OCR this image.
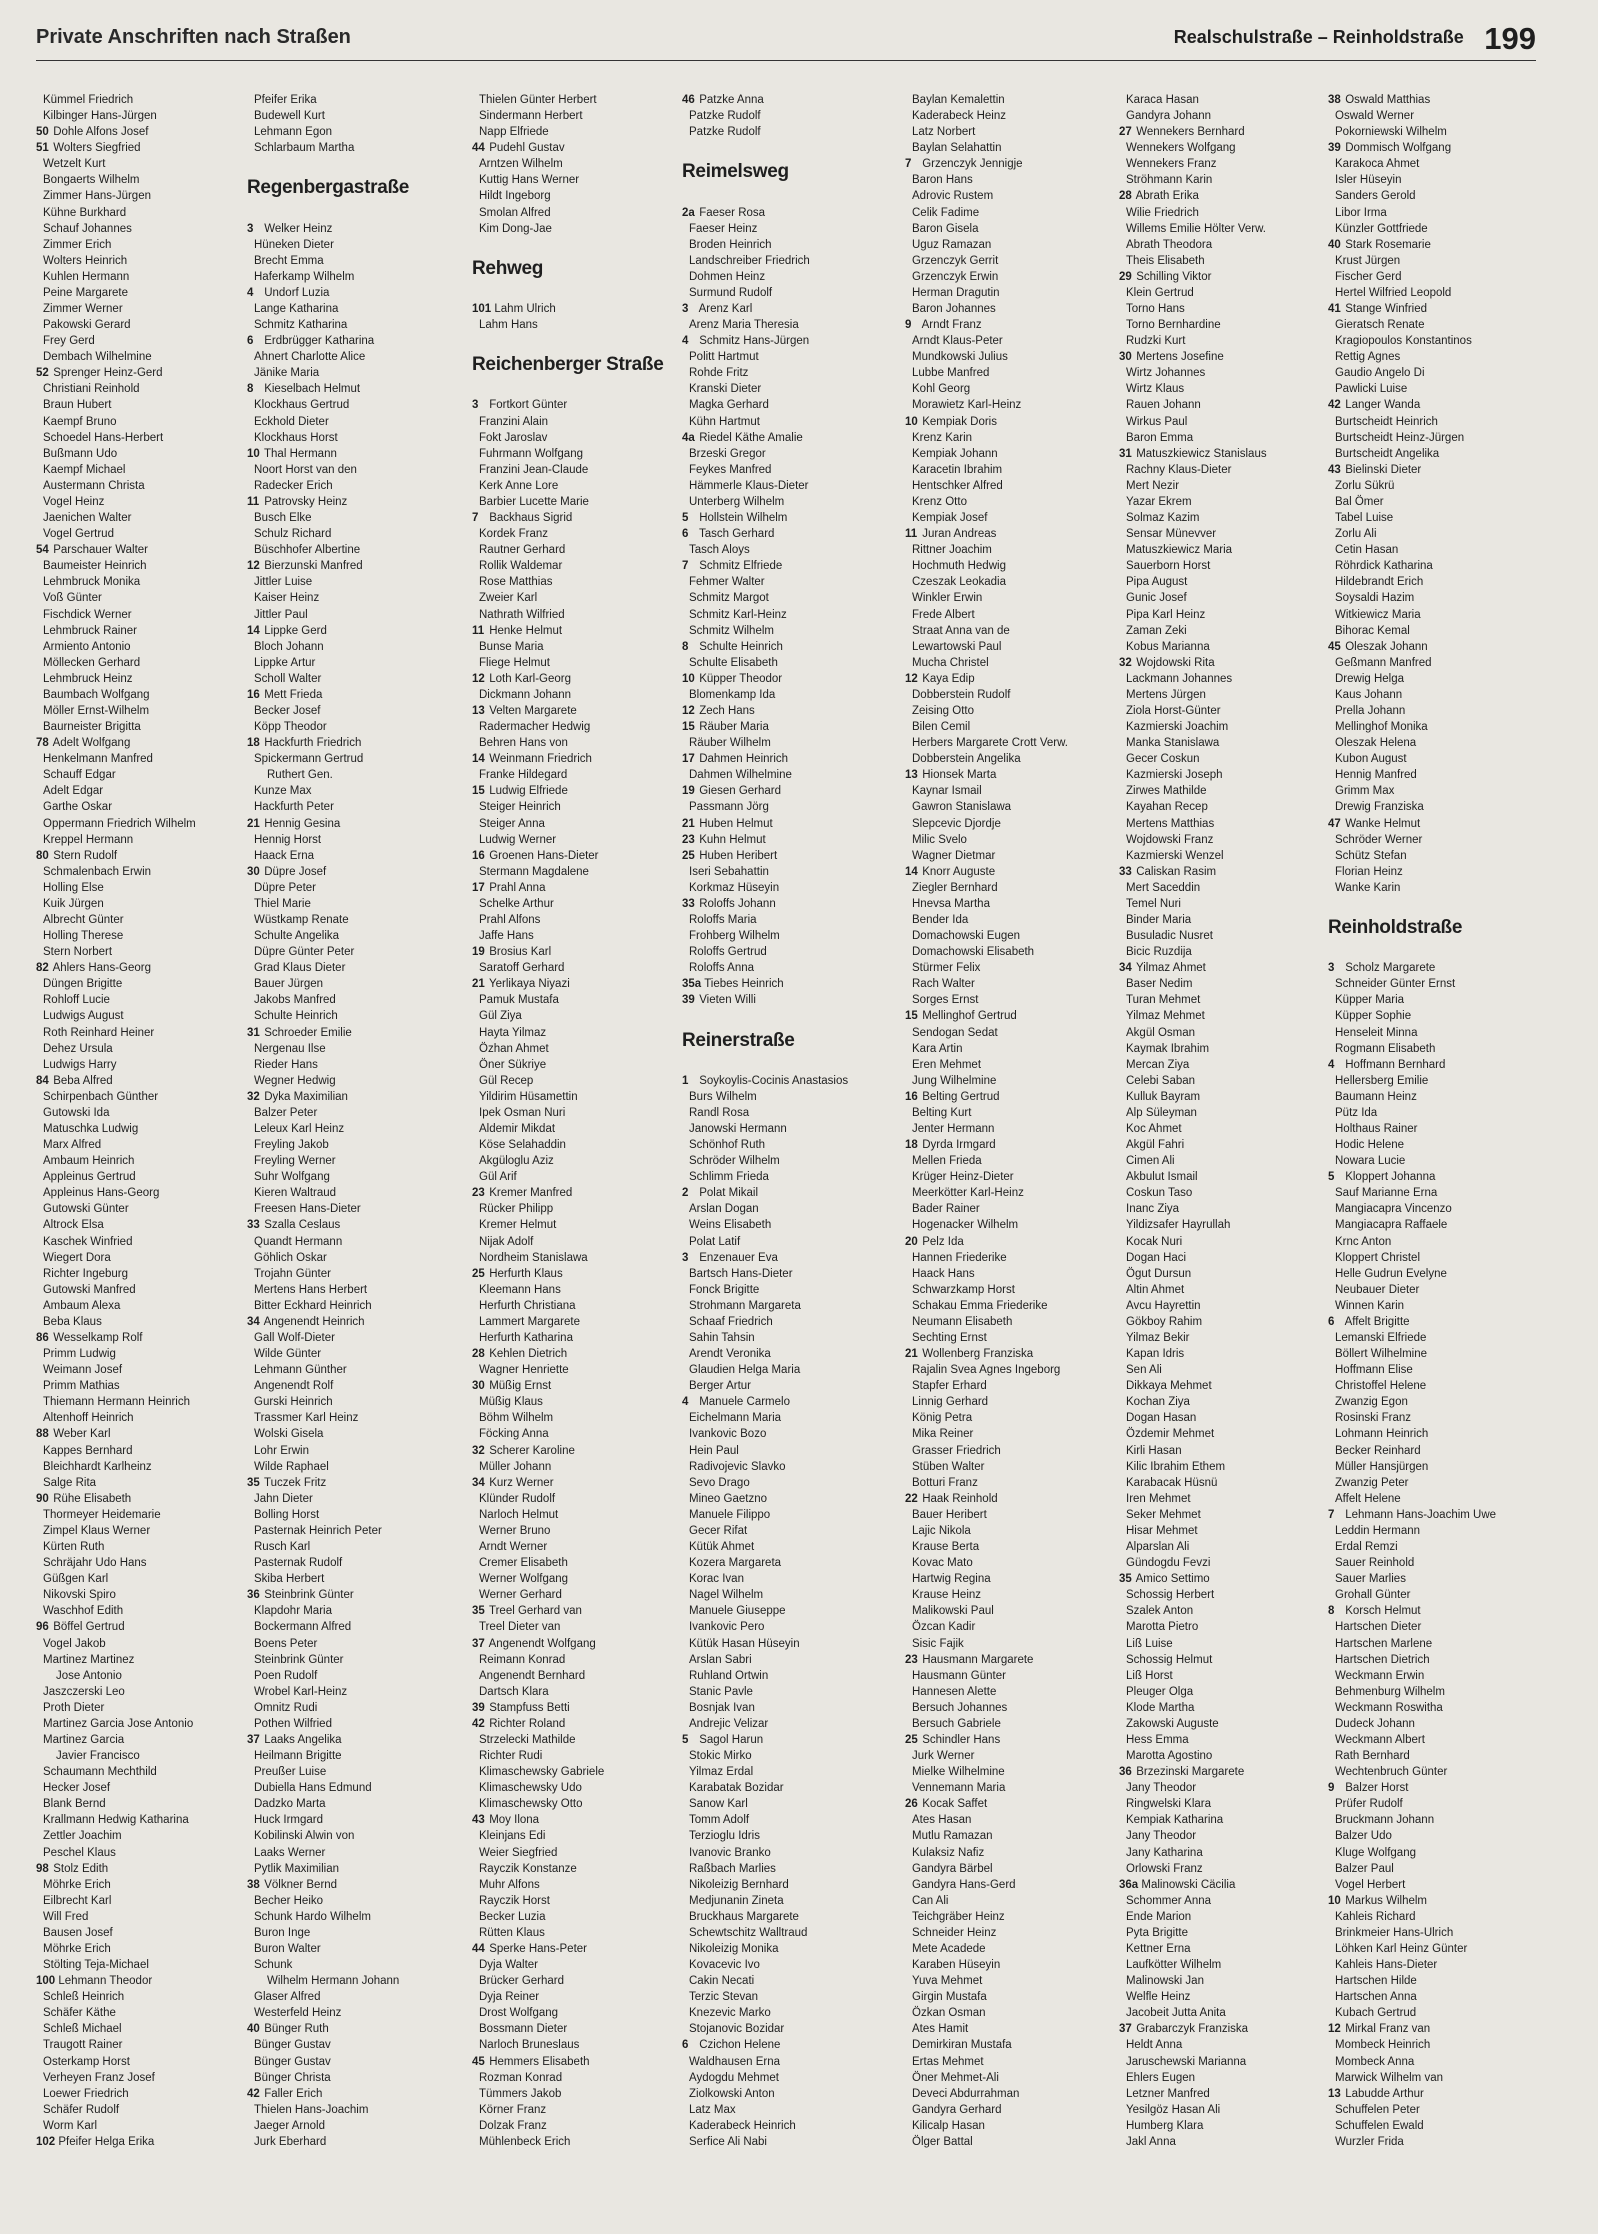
Private Anschriften nach Straßen	Realschulstraße – Reinholdstraße 199
Kümmel Friedrich
Kilbinger Hans-Jürgen
50 Dohle Alfons Josef
51 Wolters Siegfried
Wetzelt Kurt
Bongaerts Wilhelm
Zimmer Hans-Jürgen
Kühne Burkhard
Schauf Johannes
Zimmer Erich
Wolters Heinrich
Kuhlen Hermann
Peine Margarete
Zimmer Werner
Pakowski Gerard
Frey Gerd
Dembach Wilhelmine
52 Sprenger Heinz-Gerd
Christiani Reinhold
Braun Hubert
Kaempf Bruno
Schoedel Hans-Herbert
Bußmann Udo
Kaempf Michael
Austermann Christa
Vogel Heinz
Jaenichen Walter
Vogel Gertrud
54 Parschauer Walter
Baumeister Heinrich
Lehmbruck Monika
Voß Günter
Fischdick Werner
Lehmbruck Rainer
Armiento Antonio
Möllecken Gerhard
Lehmbruck Heinz
Baumbach Wolfgang
Möller Ernst-Wilhelm
Baurneister Brigitta
78 Adelt Wolfgang
Henkelmann Manfred
Schauff Edgar
Adelt Edgar
Garthe Oskar
Oppermann Friedrich Wilhelm
Kreppel Hermann
80 Stern Rudolf
Schmalenbach Erwin
Holling Else
Kuik Jürgen
Albrecht Günter
Holling Therese
Stern Norbert
82 Ahlers Hans-Georg
Düngen Brigitte
Rohloff Lucie
Ludwigs August
Roth Reinhard Heiner
Dehez Ursula
Ludwigs Harry
84 Beba Alfred
Schirpenbach Günther
Gutowski Ida
Matuschka Ludwig
Marx Alfred
Ambaum Heinrich
Appleinus Gertrud
Appleinus Hans-Georg
Gutowski Günter
Altrock Elsa
Kaschek Winfried
Wiegert Dora
Richter Ingeburg
Gutowski Manfred
Ambaum Alexa
Beba Klaus
86 Wesselkamp Rolf
Primm Ludwig
Weimann Josef
Primm Mathias
Thiemann Hermann Heinrich
Altenhoff Heinrich
88 Weber Karl
Kappes Bernhard
Bleichhardt Karlheinz
Salge Rita
90 Rühe Elisabeth
Thormeyer Heidemarie
Zimpel Klaus Werner
Kürten Ruth
Schräjahr Udo Hans
Güßgen Karl
Nikovski Spiro
Waschhof Edith
96 Böffel Gertrud
Vogel Jakob
Martinez Martinez
Jose Antonio
Jaszczerski Leo
Proth Dieter
Martinez Garcia Jose Antonio
Martinez Garcia
Javier Francisco
Schaumann Mechthild
Hecker Josef
Blank Bernd
Krallmann Hedwig Katharina
Zettler Joachim
Peschel Klaus
98 Stolz Edith
Möhrke Erich
Eilbrecht Karl
Will Fred
Bausen Josef
Möhrke Erich
Stölting Teja-Michael
100 Lehmann Theodor
Schleß Heinrich
Schäfer Käthe
Schleß Michael
Traugott Rainer
Osterkamp Horst
Verheyen Franz Josef
Loewer Friedrich
Schäfer Rudolf
Worm Karl
102 Pfeifer Helga Erika
Pfeifer Erika
Budewell Kurt
Lehmann Egon
Schlarbaum Martha
Regenbergastraße
3 Welker Heinz
Hüneken Dieter
Brecht Emma
Haferkamp Wilhelm
4 Undorf Luzia
Lange Katharina
Schmitz Katharina
6 Erdbrügger Katharina
Ahnert Charlotte Alice
Jänike Maria
8 Kieselbach Helmut
Klockhaus Gertrud
Eckhold Dieter
Klockhaus Horst
10 Thal Hermann
Noort Horst van den
Radecker Erich
11 Patrovsky Heinz
Busch Elke
Schulz Richard
Büschhofer Albertine
12 Bierzunski Manfred
Jittler Luise
Kaiser Heinz
Jittler Paul
14 Lippke Gerd
Bloch Johann
Lippke Artur
Scholl Walter
16 Mett Frieda
Becker Josef
Köpp Theodor
18 Hackfurth Friedrich
Spickermann Gertrud
Ruthert Gen.
Kunze Max
Hackfurth Peter
21 Hennig Gesina
Hennig Horst
Haack Erna
30 Düpre Josef
Düpre Peter
Thiel Marie
Wüstkamp Renate
Schulte Angelika
Düpre Günter Peter
Grad Klaus Dieter
Bauer Jürgen
Jakobs Manfred
Schulte Heinrich
31 Schroeder Emilie
Nergenau Ilse
Rieder Hans
Wegner Hedwig
32 Dyka Maximilian
Balzer Peter
Leleux Karl Heinz
Freyling Jakob
Freyling Werner
Suhr Wolfgang
Kieren Waltraud
Freesen Hans-Dieter
33 Szalla Ceslaus
Quandt Hermann
Göhlich Oskar
Trojahn Günter
Mertens Hans Herbert
Bitter Eckhard Heinrich
34 Angenendt Heinrich
Gall Wolf-Dieter
Wilde Günter
Lehmann Günther
Angenendt Rolf
Gurski Heinrich
Trassmer Karl Heinz
Wolski Gisela
Lohr Erwin
Wilde Raphael
35 Tuczek Fritz
Jahn Dieter
Bolling Horst
Pasternak Heinrich Peter
Rusch Karl
Pasternak Rudolf
Skiba Herbert
36 Steinbrink Günter
Klapdohr Maria
Bockermann Alfred
Boens Peter
Steinbrink Günter
Poen Rudolf
Wrobel Karl-Heinz
Omnitz Rudi
Pothen Wilfried
37 Laaks Angelika
Heilmann Brigitte
Preußer Luise
Dubiella Hans Edmund
Dadzko Marta
Huck Irmgard
Kobilinski Alwin von
Laaks Werner
Pytlik Maximilian
38 Völkner Bernd
Becher Heiko
Schunk Hardo Wilhelm
Buron Inge
Buron Walter
Schunk
Wilhelm Hermann Johann
Glaser Alfred
Westerfeld Heinz
40 Bünger Ruth
Bünger Gustav
Bünger Gustav
Bünger Christa
42 Faller Erich
Thielen Hans-Joachim
Jaeger Arnold
Jurk Eberhard
Thielen Günter Herbert
Sindermann Herbert
Napp Elfriede
44 Pudehl Gustav
Arntzen Wilhelm
Kuttig Hans Werner
Hildt Ingeborg
Smolan Alfred
Kim Dong-Jae
Rehweg
101 Lahm Ulrich
Lahm Hans
Reichenberger Straße
3 Fortkort Günter
Franzini Alain
Fokt Jaroslav
Fuhrmann Wolfgang
Franzini Jean-Claude
Kerk Anne Lore
Barbier Lucette Marie
7 Backhaus Sigrid
Kordek Franz
Rautner Gerhard
Rollik Waldemar
Rose Matthias
Zweier Karl
Nathrath Wilfried
11 Henke Helmut
Bunse Maria
Fliege Helmut
12 Loth Karl-Georg
Dickmann Johann
13 Velten Margarete
Radermacher Hedwig
Behren Hans von
14 Weinmann Friedrich
Franke Hildegard
15 Ludwig Elfriede
Steiger Heinrich
Steiger Anna
Ludwig Werner
16 Groenen Hans-Dieter
Stermann Magdalene
17 Prahl Anna
Schelke Arthur
Prahl Alfons
Jaffe Hans
19 Brosius Karl
Saratoff Gerhard
21 Yerlikaya Niyazi
Pamuk Mustafa
Gül Ziya
Hayta Yilmaz
Özhan Ahmet
Öner Sükriye
Gül Recep
Yildirim Hüsamettin
Ipek Osman Nuri
Aldemir Mikdat
Köse Selahaddin
Akgüloglu Aziz
Gül Arif
23 Kremer Manfred
Rücker Philipp
Kremer Helmut
Nijak Adolf
Nordheim Stanislawa
25 Herfurth Klaus
Kleemann Hans
Herfurth Christiana
Lammert Margarete
Herfurth Katharina
28 Kehlen Dietrich
Wagner Henriette
30 Müßig Ernst
Müßig Klaus
Böhm Wilhelm
Föcking Anna
32 Scherer Karoline
Müller Johann
34 Kurz Werner
Klünder Rudolf
Narloch Helmut
Werner Bruno
Arndt Werner
Cremer Elisabeth
Werner Wolfgang
Werner Gerhard
35 Treel Gerhard van
Treel Dieter van
37 Angenendt Wolfgang
Reimann Konrad
Angenendt Bernhard
Dartsch Klara
39 Stampfuss Betti
42 Richter Roland
Strzelecki Mathilde
Richter Rudi
Klimaschewsky Gabriele
Klimaschewsky Udo
Klimaschewsky Otto
43 Moy Ilona
Kleinjans Edi
Weier Siegfried
Rayczik Konstanze
Muhr Alfons
Rayczik Horst
Becker Luzia
Rütten Klaus
44 Sperke Hans-Peter
Dyja Walter
Brücker Gerhard
Dyja Reiner
Drost Wolfgang
Bossmann Dieter
Narloch Bruneslaus
45 Hemmers Elisabeth
Rozman Konrad
Tümmers Jakob
Körner Franz
Dolzak Franz
Mühlenbeck Erich
46 Patzke Anna
Patzke Rudolf
Patzke Rudolf
Reimelsweg
2a Faeser Rosa
Faeser Heinz
Broden Heinrich
Landschreiber Friedrich
Dohmen Heinz
Surmund Rudolf
3 Arenz Karl
Arenz Maria Theresia
4 Schmitz Hans-Jürgen
Politt Hartmut
Rohde Fritz
Kranski Dieter
Magka Gerhard
Kühn Hartmut
4a Riedel Käthe Amalie
Brzeski Gregor
Feykes Manfred
Hämmerle Klaus-Dieter
Unterberg Wilhelm
5 Hollstein Wilhelm
6 Tasch Gerhard
Tasch Aloys
7 Schmitz Elfriede
Fehmer Walter
Schmitz Margot
Schmitz Karl-Heinz
Schmitz Wilhelm
8 Schulte Heinrich
Schulte Elisabeth
10 Küpper Theodor
Blomenkamp Ida
12 Zech Hans
15 Räuber Maria
Räuber Wilhelm
17 Dahmen Heinrich
Dahmen Wilhelmine
19 Giesen Gerhard
Passmann Jörg
21 Huben Helmut
23 Kuhn Helmut
25 Huben Heribert
Iseri Sebahattin
Korkmaz Hüseyin
33 Roloffs Johann
Roloffs Maria
Frohberg Wilhelm
Roloffs Gertrud
Roloffs Anna
35a Tiebes Heinrich
39 Vieten Willi
Reinerstraße
1 Soykoylis-Cocinis Anastasios
Burs Wilhelm
Randl Rosa
Janowski Hermann
Schönhof Ruth
Schröder Wilhelm
Schlimm Frieda
2 Polat Mikail
Arslan Dogan
Weins Elisabeth
Polat Latif
3 Enzenauer Eva
Bartsch Hans-Dieter
Fonck Brigitte
Strohmann Margareta
Schaaf Friedrich
Sahin Tahsin
Arendt Veronika
Glaudien Helga Maria
Berger Artur
4 Manuele Carmelo
Eichelmann Maria
Ivankovic Bozo
Hein Paul
Radivojevic Slavko
Sevo Drago
Mineo Gaetzno
Manuele Filippo
Gecer Rifat
Kütük Ahmet
Kozera Margareta
Korac Ivan
Nagel Wilhelm
Manuele Giuseppe
Ivankovic Pero
Kütük Hasan Hüseyin
Arslan Sabri
Ruhland Ortwin
Stanic Pavle
Bosnjak Ivan
Andrejic Velizar
5 Sagol Harun
Stokic Mirko
Yilmaz Erdal
Karabatak Bozidar
Sanow Karl
Tomm Adolf
Terzioglu Idris
Ivanovic Branko
Raßbach Marlies
Nikoleizig Bernhard
Medjunanin Zineta
Bruckhaus Margarete
Schewtschitz Walltraud
Nikoleizig Monika
Kovacevic Ivo
Cakin Necati
Terzic Stevan
Knezevic Marko
Stojanovic Bozidar
6 Czichon Helene
Waldhausen Erna
Aydogdu Mehmet
Ziolkowski Anton
Latz Max
Kaderabeck Heinrich
Serfice Ali Nabi
Baylan Kemalettin
Kaderabeck Heinz
Latz Norbert
Baylan Selahattin
7 Grzenczyk Jennigje
Baron Hans
Adrovic Rustem
Celik Fadime
Baron Gisela
Uguz Ramazan
Grzenczyk Gerrit
Grzenczyk Erwin
Herman Dragutin
Baron Johannes
9 Arndt Franz
Arndt Klaus-Peter
Mundkowski Julius
Lubbe Manfred
Kohl Georg
Morawietz Karl-Heinz
10 Kempiak Doris
Krenz Karin
Kempiak Johann
Karacetin Ibrahim
Hentschker Alfred
Krenz Otto
Kempiak Josef
11 Juran Andreas
Rittner Joachim
Hochmuth Hedwig
Czeszak Leokadia
Winkler Erwin
Frede Albert
Straat Anna van de
Lewartowski Paul
Mucha Christel
12 Kaya Edip
Dobberstein Rudolf
Zeising Otto
Bilen Cemil
Herbers Margarete Crott Verw.
Dobberstein Angelika
13 Hionsek Marta
Kaynar Ismail
Gawron Stanislawa
Slepcevic Djordje
Milic Svelo
Wagner Dietmar
14 Knorr Auguste
Ziegler Bernhard
Hnevsa Martha
Bender Ida
Domachowski Eugen
Domachowski Elisabeth
Stürmer Felix
Rach Walter
Sorges Ernst
15 Mellinghof Gertrud
Sendogan Sedat
Kara Artin
Eren Mehmet
Jung Wilhelmine
16 Belting Gertrud
Belting Kurt
Jenter Hermann
18 Dyrda Irmgard
Mellen Frieda
Krüger Heinz-Dieter
Meerkötter Karl-Heinz
Bader Rainer
Hogenacker Wilhelm
20 Pelz Ida
Hannen Friederike
Haack Hans
Schwarzkamp Horst
Schakau Emma Friederike
Neumann Elisabeth
Sechting Ernst
21 Wollenberg Franziska
Rajalin Svea Agnes Ingeborg
Stapfer Erhard
Linnig Gerhard
König Petra
Mika Reiner
Grasser Friedrich
Stüben Walter
Botturi Franz
22 Haak Reinhold
Bauer Heribert
Lajic Nikola
Krause Berta
Kovac Mato
Hartwig Regina
Krause Heinz
Malikowski Paul
Özcan Kadir
Sisic Fajik
23 Hausmann Margarete
Hausmann Günter
Hannesen Alette
Bersuch Johannes
Bersuch Gabriele
25 Schindler Hans
Jurk Werner
Mielke Wilhelmine
Vennemann Maria
26 Kocak Saffet
Ates Hasan
Mutlu Ramazan
Kulaksiz Nafiz
Gandyra Bärbel
Gandyra Hans-Gerd
Can Ali
Teichgräber Heinz
Schneider Heinz
Mete Acadede
Karaben Hüseyin
Yuva Mehmet
Girgin Mustafa
Özkan Osman
Ates Hamit
Demirkiran Mustafa
Ertas Mehmet
Öner Mehmet-Ali
Deveci Abdurrahman
Gandyra Gerhard
Kilicalp Hasan
Ölger Battal
Karaca Hasan
Gandyra Johann
27 Wennekers Bernhard
Wennekers Wolfgang
Wennekers Franz
Ströhmann Karin
28 Abrath Erika
Wilie Friedrich
Willems Emilie Hölter Verw.
Abrath Theodora
Theis Elisabeth
29 Schilling Viktor
Klein Gertrud
Torno Hans
Torno Bernhardine
Rudzki Kurt
30 Mertens Josefine
Wirtz Johannes
Wirtz Klaus
Rauen Johann
Wirkus Paul
Baron Emma
31 Matuszkiewicz Stanislaus
Rachny Klaus-Dieter
Mert Nezir
Yazar Ekrem
Solmaz Kazim
Sensar Münevver
Matuszkiewicz Maria
Sauerborn Horst
Pipa August
Gunic Josef
Pipa Karl Heinz
Zaman Zeki
Kobus Marianna
32 Wojdowski Rita
Lackmann Johannes
Mertens Jürgen
Ziola Horst-Günter
Kazmierski Joachim
Manka Stanislawa
Gecer Coskun
Kazmierski Joseph
Zirwes Mathilde
Kayahan Recep
Mertens Matthias
Wojdowski Franz
Kazmierski Wenzel
33 Caliskan Rasim
Mert Saceddin
Temel Nuri
Binder Maria
Busuladic Nusret
Bicic Ruzdija
34 Yilmaz Ahmet
Baser Nedim
Turan Mehmet
Yilmaz Mehmet
Akgül Osman
Kaymak Ibrahim
Mercan Ziya
Celebi Saban
Kulluk Bayram
Alp Süleyman
Koc Ahmet
Akgül Fahri
Cimen Ali
Akbulut Ismail
Coskun Taso
Inanc Ziya
Yildizsafer Hayrullah
Kocak Nuri
Dogan Haci
Ögut Dursun
Altin Ahmet
Avcu Hayrettin
Gökboy Rahim
Yilmaz Bekir
Kapan Idris
Sen Ali
Dikkaya Mehmet
Kochan Ziya
Dogan Hasan
Özdemir Mehmet
Kirli Hasan
Kilic Ibrahim Ethem
Karabacak Hüsnü
Iren Mehmet
Seker Mehmet
Hisar Mehmet
Alparslan Ali
Gündogdu Fevzi
35 Amico Settimo
Schossig Herbert
Szalek Anton
Marotta Pietro
Liß Luise
Schossig Helmut
Liß Horst
Pleuger Olga
Klode Martha
Zakowski Auguste
Hess Emma
Marotta Agostino
36 Brzezinski Margarete
Jany Theodor
Ringwelski Klara
Kempiak Katharina
Jany Theodor
Jany Katharina
Orlowski Franz
36a Malinowski Cäcilia
Schommer Anna
Ende Marion
Pyta Brigitte
Kettner Erna
Laufkötter Wilhelm
Malinowski Jan
Welfle Heinz
Jacobeit Jutta Anita
37 Grabarczyk Franziska
Heldt Anna
Jaruschewski Marianna
Ehlers Eugen
Letzner Manfred
Yesilgöz Hasan Ali
Humberg Klara
Jakl Anna
38 Oswald Matthias
Oswald Werner
Pokorniewski Wilhelm
39 Dommisch Wolfgang
Karakoca Ahmet
Isler Hüseyin
Sanders Gerold
Libor Irma
Künzler Gottfriede
40 Stark Rosemarie
Krust Jürgen
Fischer Gerd
Hertel Wilfried Leopold
41 Stange Winfried
Gieratsch Renate
Kragiopoulos Konstantinos
Rettig Agnes
Gaudio Angelo Di
Pawlicki Luise
42 Langer Wanda
Burtscheidt Heinrich
Burtscheidt Heinz-Jürgen
Burtscheidt Angelika
43 Bielinski Dieter
Zorlu Sükrü
Bal Ömer
Tabel Luise
Zorlu Ali
Cetin Hasan
Röhrdick Katharina
Hildebrandt Erich
Soysaldi Hazim
Witkiewicz Maria
Bihorac Kemal
45 Oleszak Johann
Geßmann Manfred
Drewig Helga
Kaus Johann
Prella Johann
Mellinghof Monika
Oleszak Helena
Kubon August
Hennig Manfred
Grimm Max
Drewig Franziska
47 Wanke Helmut
Schröder Werner
Schütz Stefan
Florian Heinz
Wanke Karin
Reinholdstraße
3 Scholz Margarete
Schneider Günter Ernst
Küpper Maria
Küpper Sophie
Henseleit Minna
Rogmann Elisabeth
4 Hoffmann Bernhard
Hellersberg Emilie
Baumann Heinz
Pütz Ida
Holthaus Rainer
Hodic Helene
Nowara Lucie
5 Kloppert Johanna
Sauf Marianne Erna
Mangiacapra Vincenzo
Mangiacapra Raffaele
Krnc Anton
Kloppert Christel
Helle Gudrun Evelyne
Neubauer Dieter
Winnen Karin
6 Affelt Brigitte
Lemanski Elfriede
Böllert Wilhelmine
Hoffmann Elise
Christoffel Helene
Zwanzig Egon
Rosinski Franz
Lohmann Heinrich
Becker Reinhard
Müller Hansjürgen
Zwanzig Peter
Affelt Helene
7 Lehmann Hans-Joachim Uwe
Leddin Hermann
Erdal Remzi
Sauer Reinhold
Sauer Marlies
Grohall Günter
8 Korsch Helmut
Hartschen Dieter
Hartschen Marlene
Hartschen Dietrich
Weckmann Erwin
Behmenburg Wilhelm
Weckmann Roswitha
Dudeck Johann
Weckmann Albert
Rath Bernhard
Wechtenbruch Günter
9 Balzer Horst
Prüfer Rudolf
Bruckmann Johann
Balzer Udo
Kluge Wolfgang
Balzer Paul
Vogel Herbert
10 Markus Wilhelm
Kahleis Richard
Brinkmeier Hans-Ulrich
Löhken Karl Heinz Günter
Kahleis Hans-Dieter
Hartschen Hilde
Hartschen Anna
Kubach Gertrud
12 Mirkal Franz van
Mombeck Heinrich
Mombeck Anna
Marwick Wilhelm van
13 Labudde Arthur
Schuffelen Peter
Schuffelen Ewald
Wurzler Frida
